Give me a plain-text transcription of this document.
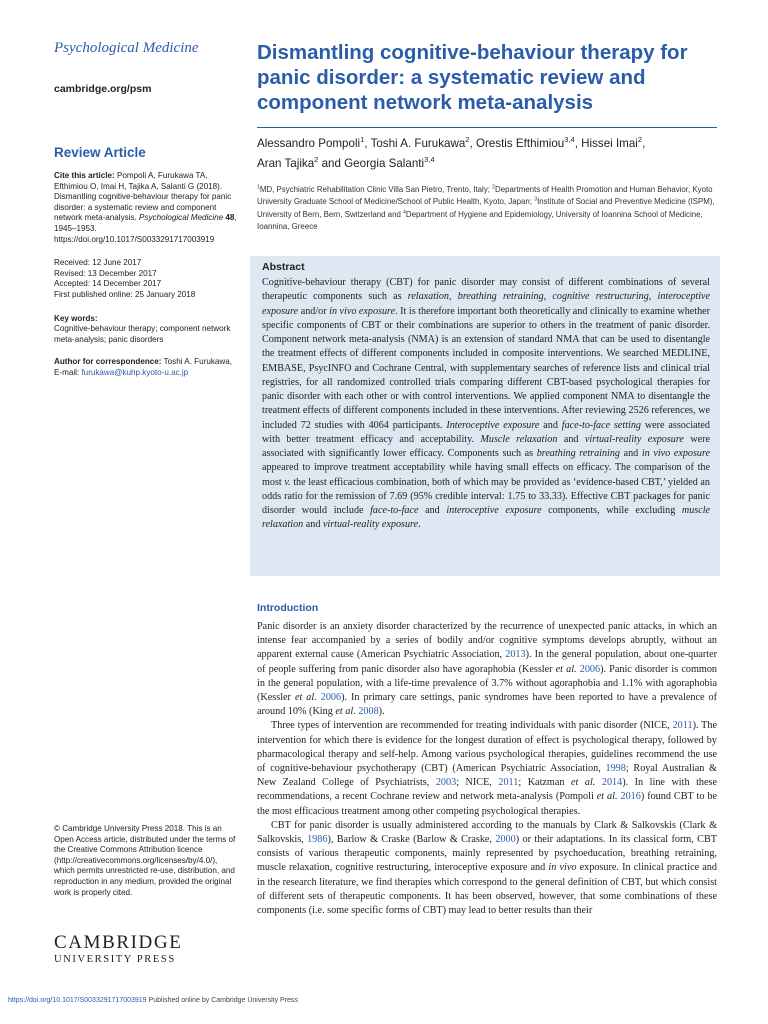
Psychological Medicine
cambridge.org/psm
Review Article
Cite this article: Pompoli A, Furukawa TA, Efthimiou O, Imai H, Tajika A, Salanti G (2018). Dismantling cognitive-behaviour therapy for panic disorder: a systematic review and component network meta-analysis. Psychological Medicine 48, 1945–1953. https://doi.org/10.1017/S0033291717003919
Received: 12 June 2017
Revised: 13 December 2017
Accepted: 14 December 2017
First published online: 25 January 2018
Key words:
Cognitive-behaviour therapy; component network meta-analysis; panic disorders
Author for correspondence: Toshi A. Furukawa, E-mail: furukawa@kuhp.kyoto-u.ac.jp
© Cambridge University Press 2018. This is an Open Access article, distributed under the terms of the Creative Commons Attribution licence (http://creativecommons.org/licenses/by/4.0/), which permits unrestricted re-use, distribution, and reproduction in any medium, provided the original work is properly cited.
CAMBRIDGE
UNIVERSITY PRESS
Dismantling cognitive-behaviour therapy for panic disorder: a systematic review and component network meta-analysis
Alessandro Pompoli$^1$, Toshi A. Furukawa$^2$, Orestis Efthimiou$^{3,4}$, Hissei Imai$^2$,
Aran Tajika$^2$ and Georgia Salanti$^{3,4}$
$^1$MD, Psychiatric Rehabilitation Clinic Villa San Pietro, Trento, Italy; $^2$Departments of Health Promotion and Human Behavior, Kyoto University Graduate School of Medicine/School of Public Health, Kyoto, Japan; $^3$Institute of Social and Preventive Medicine (ISPM), University of Bern, Bern, Switzerland and $^4$Department of Hygiene and Epidemiology, University of Ioannina School of Medicine, Ioannina, Greece
Abstract
Cognitive-behaviour therapy (CBT) for panic disorder may consist of different combinations of several therapeutic components such as relaxation, breathing retraining, cognitive restructuring, interoceptive exposure and/or in vivo exposure. It is therefore important both theoretically and clinically to examine whether specific components of CBT or their combinations are superior to others in the treatment of panic disorder. Component network meta-analysis (NMA) is an extension of standard NMA that can be used to disentangle the treatment effects of different components included in composite interventions. We searched MEDLINE, EMBASE, PsycINFO and Cochrane Central, with supplementary searches of reference lists and clinical trial registries, for all randomized controlled trials comparing different CBT-based psychological therapies for panic disorder with each other or with control interventions. We applied component NMA to disentangle the treatment effects of different components included in these interventions. After reviewing 2526 references, we included 72 studies with 4064 participants. Interoceptive exposure and face-to-face setting were associated with better treatment efficacy and acceptability. Muscle relaxation and virtual-reality exposure were associated with significantly lower efficacy. Components such as breathing retraining and in vivo exposure appeared to improve treatment acceptability while having small effects on efficacy. The comparison of the most v. the least efficacious combination, both of which may be provided as ‘evidence-based CBT,’ yielded an odds ratio for the remission of 7.69 (95% credible interval: 1.75 to 33.33). Effective CBT packages for panic disorder would include face-to-face and interoceptive exposure components, while excluding muscle relaxation and virtual-reality exposure.
Introduction

Panic disorder is an anxiety disorder characterized by the recurrence of unexpected panic attacks, in which an intense fear accompanied by a series of bodily and/or cognitive symptoms develops abruptly, without an apparent external cause (American Psychiatric Association, 2013). In the general population, about one-quarter of people suffering from panic disorder also have agoraphobia (Kessler et al. 2006). Panic disorder is common in the general population, with a life-time prevalence of 3.7% without agoraphobia and 1.1% with agoraphobia (Kessler et al. 2006). In primary care settings, panic syndromes have been reported to have a prevalence of around 10% (King et al. 2008).

Three types of intervention are recommended for treating individuals with panic disorder (NICE, 2011). The intervention for which there is evidence for the longest duration of effect is psychological therapy, followed by pharmacological therapy and self-help. Among various psychological therapies, guidelines recommend the use of cognitive-behaviour psychotherapy (CBT) (American Psychiatric Association, 1998; Royal Australian & New Zealand College of Psychiatrists, 2003; NICE, 2011; Katzman et al. 2014). In line with these recommendations, a recent Cochrane review and network meta-analysis (Pompoli et al. 2016) found CBT to be the most efficacious treatment among other competing psychological therapies.

CBT for panic disorder is usually administered according to the manuals by Clark & Salkovskis (Clark & Salkovskis, 1986), Barlow & Craske (Barlow & Craske, 2000) or their adaptations. In its classical form, CBT consists of various therapeutic components, mainly represented by psychoeducation, breathing retraining, muscle relaxation, cognitive restructuring, interoceptive exposure and in vivo exposure. In clinical practice and in the research literature, we find therapies which correspond to the general definition of CBT, but which consist of different sets of therapeutic components. It has been observed, however, that some combinations of these components (i.e. some specific forms of CBT) may lead to better results than their

https://doi.org/10.1017/S0033291717003919 Published online by Cambridge University Press
